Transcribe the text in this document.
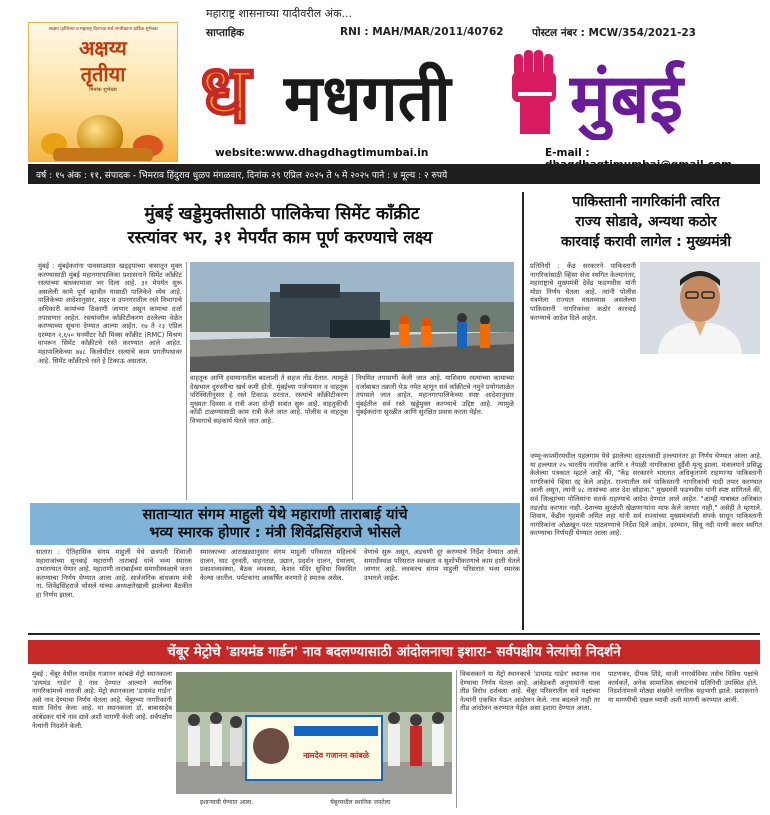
आक्षय तृतीयेच्या व महाराष्ट्र दिनाच्या सर्व नागरिकांना हार्दिक शुभेच्छा
अक्षय्य
तृतीया
मिमांक शुभेच्छा
महाराष्ट्र शासनाच्या यादीवरील अंक...
साप्ताहिक	RNI : MAH/MAR/2011/40762	पोस्टल नंबर : MCW/354/2021-23
ध मधगती मुंबई
website:www.dhagdhagtimumbai.in	E-mail :
वर्ष : १५ अंक : ११, संपादक - भिमराव हिंदुराव धुळप मंगळवार, दिनांक २९ एप्रिल २०२५ ते ५ मे २०२५ पाने : ४ मूल्य : २ रुपये
मुंबई खड्डेमुक्तीसाठी पालिकेचा सिमेंट काँक्रीट
रस्त्यांवर भर, ३१ मेपर्यंत काम पूर्ण करण्याचे लक्ष्य
मुंबई : मुंबईकरांना पावसाळ्यात खड्ड्यांच्या त्रासातून मुक्त करण्यासाठी मुंबई महानगरपालिका प्रशासनाने सिमेंट काँक्रीट रस्त्यांच्या बांधकामावर भर दिला आहे. ३१ मेपर्यंत सुरू असलेली कामे पूर्ण व्हावीत यासाठी पालिकेने ध्येय आहे. पालिकेच्या आदेशानुसार, शहर व उपनगरातील रस्ते विभागाचे अधिकारी कामांच्या ठिकाणी जाणार असून कामाचा दर्जा तपासणार आहेत. रस्त्यांवरील काँक्रीटीकरण ठरलेल्या वेळेत करण्याच्या सूचना देण्यात आल्या आहेत. १७ ते २३ एप्रिल दरम्यान २,६५० घनमीटर रेडी मिक्स काँक्रीट (RMC) मिश्रण वापरून सिमेंट काँक्रीटचे रस्ते करण्यात आले आहेत. महापालिकेच्या ७४८ किलोमीटर रस्त्यांचे काम प्रगतीपथावर आहे. सिमेंट काँक्रीटचे रस्ते हे टिकाऊ असतात.
वाहतूक आणि हवामानातील बदलाशी ते सहज तोंड देतात. त्यामुळे देखभाल दुरुस्तीचा खर्च कमी होतो. मुंबईच्या पर्जन्यमान व वाहतूक परिस्थितीनुसार हे रस्ते टिकाऊ ठरतात. रस्त्यांचे काँक्रीटीकरण मुख्यतः दिवसा व रात्री अशा दोन्ही सत्रांत सुरू आहे. वाहतुकीची कोंडी टाळण्यासाठी काम रात्री केले जात आहे. पोलीस व वाहतूक विभागाचे सहकार्य घेतले जात आहे.
नियमित तपासणी केली जात आहे. याशिवाय रस्त्यांच्या कामाच्या दर्जाबाबत तक्रारी येऊ नयेत म्हणून सर्व काँक्रीटचे नमुने प्रयोगशाळेत तपासले जात आहेत. महानगरपालिकेच्या स्पष्ट आदेशानुसार मुंबईतील सर्व रस्ते खड्डेमुक्त करण्याचे उद्दिष्ट आहे. त्यामुळे मुंबईकरांना सुरळीत आणि सुरक्षित प्रवास करता येईल.
पाकिस्तानी नागरिकांनी त्वरित
राज्य सोडावे, अन्यथा कठोर
कारवाई करावी लागेल : मुख्यमंत्री
प्रतिनिधी : केंद्र सरकारने पाकिस्तानी नागरिकांसाठी व्हिसा सेवा स्थगित केल्यानंतर, महाराष्ट्राचे मुख्यमंत्री देवेंद्र फडणवीस यांनी मोठा निर्णय घेतला आहे. त्यांनी पोलीस यंत्रणेला राज्यात वास्तव्यास असलेल्या पाकिस्तानी नागरिकांवर कठोर कारवाई करण्याचे आदेश दिले आहेत.
जम्मू-काश्मीरमधील पहलगाम येथे झालेल्या दहशतवादी हल्ल्यानंतर हा निर्णय घेण्यात आला आहे. या हल्ल्यात २५ भारतीय नागरिक आणि १ नेपाळी नागरिकाचा दुर्दैवी मृत्यू झाला. मंत्रालयाने प्रसिद्ध केलेल्या पत्रकात म्हटले आहे की, "केंद्र सरकारने भारतात अधिकृतपणे राहणाऱ्या पाकिस्तानी नागरिकांचे व्हिसा रद्द केले आहेत. राज्यातील सर्व पाकिस्तानी नागरिकांची यादी तयार करण्यात आली असून, त्यांनी ४८ तासांच्या आत देश सोडावा." मुख्यमंत्री फडणवीस यांनी स्पष्ट सांगितले की, सर्व जिल्ह्यांच्या पोलिसांना सतर्क राहण्याचे आदेश देण्यात आले आहेत. "आम्ही याबाबत अजिबात तडजोड करणार नाही. देशाच्या सुरक्षेशी खेळणाऱ्यांना माफ केले जाणार नाही," असेही ते म्हणाले. शिवाय, केंद्रीय गृहमंत्री अमित शहा यांनी सर्व राज्यांच्या मुख्यमंत्र्यांशी संपर्क साधून पाकिस्तानी नागरिकांना ओळखून परत पाठवण्याचे निर्देश दिले आहेत. दरम्यान, सिंधू नदी पाणी करार स्थगित करण्याचा निर्णयही घेण्यात आला आहे.
सातार्‍यात संगम माहुली येथे महाराणी ताराबाई यांचे
भव्य स्मारक होणार : मंत्री शिवेंद्रसिंहराजे भोसले
सातारा : ऐतिहासिक संगम माहुली येथे छत्रपती शिवाजी महाराजांच्या सूनबाई महाराणी ताराबाई यांचे भव्य स्मारक उभारण्यात येणार आहे. महाराणी ताराबाईंच्या समाधीस्थळाचे जतन करण्याचा निर्णय घेण्यात आला आहे. सार्वजनिक बांधकाम मंत्री ना. शिवेंद्रसिंहराजे भोसले यांच्या अध्यक्षतेखाली झालेल्या बैठकीत हा निर्णय झाला.
स्मारकाच्या आराखड्यानुसार संगम माहुली परिसरात महिलांचे दालन, घाट दुरुस्ती, वाहनतळ, उद्यान, प्रदर्शन दालन, ग्रंथालय, प्रकाशव्यवस्था, बैठक व्यवस्था, केशव मंदिर सुविधा विकसित केल्या जातील. पर्यटकांना आकर्षित करणारे हे स्मारक असेल.
वेणाचे सुरू असून, अडचणी दूर करण्याचे निर्देश देण्यात आले. समाधीस्थळ परिसरात स्वच्छता व सुशोभीकरणाचे काम हाती घेतले जाणार आहे. लवकरच संगम माहुली परिसरात भव्य स्मारक उभारले जाईल.
चेंबूर मेट्रोचे 'डायमंड गार्डन' नाव बदलण्यासाठी आंदोलनाचा इशारा- सर्वपक्षीय नेत्यांची निदर्शने
मुंबई : चेंबूर येथील नामदेव गजानन कांबळे मेट्रो स्थानकाला 'डायमंड गार्डन' हे नाव देण्यात आल्याने स्थानिक नागरिकांमध्ये नाराजी आहे. मेट्रो स्थानकाला 'डायमंड गार्डन' असे नाव देण्याचा निर्णय घेतला आहे. चेंबूरच्या नागरिकांनी याला विरोध केला आहे. या स्थानकाला डॉ. बाबासाहेब आंबेडकर यांचे नाव द्यावे अशी मागणी केली आहे. सर्वपक्षीय नेत्यांनी निदर्शने केली.
नामदेव गजानन कांबळे
इशाऱ्याची घेण्यात आला.	चेंबूरमधील स्थानिक जनतेला
विकसकाने या मेट्रो स्थानकाचे 'डायमंड गार्डन' स्थानक नाव देण्याचा निर्णय घेतला आहे. आंबेडकरी अनुयायांनी याला तीव्र विरोध दर्शवला आहे. चेंबूर परिसरातील सर्व पक्षांच्या नेत्यांनी एकत्रित येऊन आंदोलन केले. नाव बदलले नाही तर तीव्र आंदोलन करण्यात येईल असा इशारा देण्यात आला.
पाटणकर, दीपक शिंदे, माजी नगरसेविका तसेच विविध पक्षांचे कार्यकर्ते, अनेक सामाजिक संघटनांचे प्रतिनिधी उपस्थित होते. निदर्शनांमध्ये मोठ्या संख्येने नागरिक सहभागी झाले. प्रशासनाने या मागणीची दखल घ्यावी अशी मागणी करण्यात आली.
